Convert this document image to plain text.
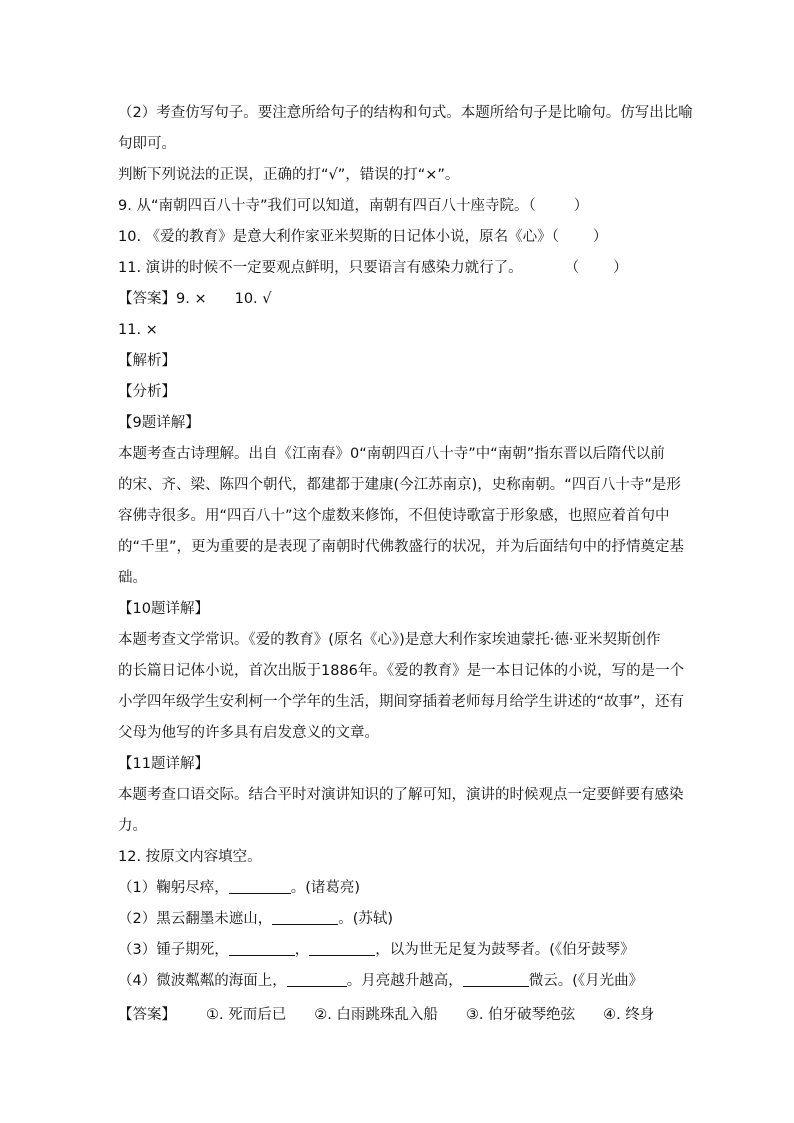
（2）考查仿写句子。要注意所给句子的结构和句式。本题所给句子是比喻句。仿写出比喻
句即可。
判断下列说法的正误，正确的打“√”，错误的打“×”。
9. 从“南朝四百八十寺”我们可以知道，南朝有四百八十座寺院。（	）
10. 《爱的教育》是意大利作家亚米契斯的日记体小说，原名《心》（ ）
11. 演讲的时候不一定要观点鲜明，只要语言有感染力就行了。	（ ）
【答案】9. × 10. √
11. ×
【解析】
【分析】
【9题详解】
本题考查古诗理解。出自《江南春》0“南朝四百八十寺”中“南朝”指东晋以后隋代以前
的宋、齐、梁、陈四个朝代，都建都于建康(今江苏南京)，史称南朝。“四百八十寺”是形
容佛寺很多。用“四百八十”这个虚数来修饰，不但使诗歌富于形象感，也照应着首句中
的“千里”，更为重要的是表现了南朝时代佛教盛行的状况，并为后面结句中的抒情奠定基
础。
【10题详解】
本题考查文学常识。《爱的教育》(原名《心》)是意大利作家埃迪蒙托·德·亚米契斯创作
的长篇日记体小说，首次出版于1886年。《爱的教育》是一本日记体的小说，写的是一个
小学四年级学生安利柯一个学年的生活，期间穿插着老师每月给学生讲述的“故事”，还有
父母为他写的许多具有启发意义的文章。
【11题详解】
本题考查口语交际。结合平时对演讲知识的了解可知，演讲的时候观点一定要鲜要有感染
力。
12. 按原文内容填空。
（1）鞠躬尽瘁，	。(诸葛亮)
（2）黑云翻墨未遮山，	。(苏轼)
（3）锺子期死，	，	，以为世无足复为鼓琴者。(《伯牙鼓琴》
（4）微波粼粼的海面上，	。月亮越升越高，	微云。(《月光曲》
【答案】 ①. 死而后已 ②. 白雨跳珠乱入船 ③. 伯牙破琴绝弦 ④. 终身
